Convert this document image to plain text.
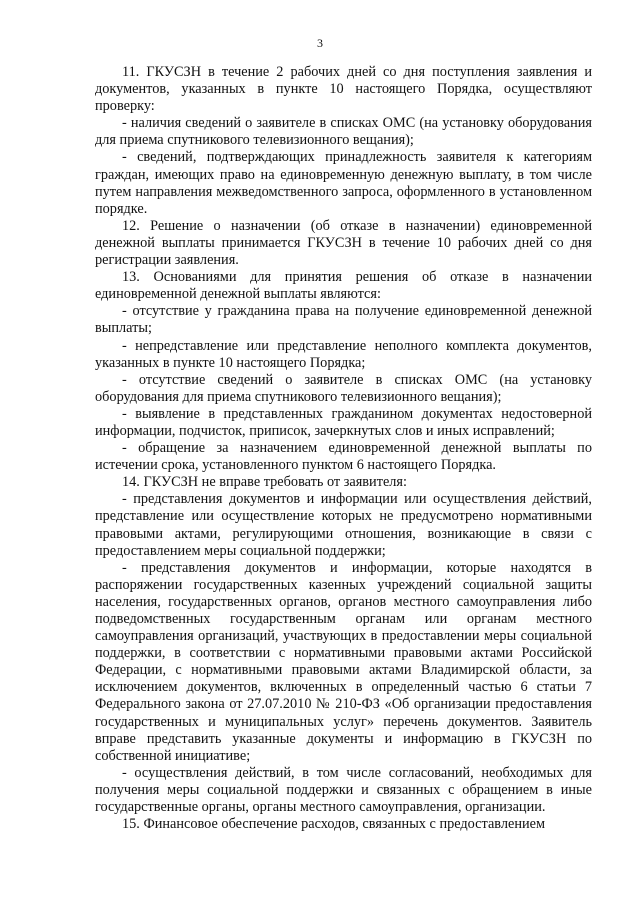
3

11. ГКУСЗН в течение 2 рабочих дней со дня поступления заявления и документов, указанных в пункте 10 настоящего Порядка, осуществляют проверку:

- наличия сведений о заявителе в списках ОМС (на установку оборудования для приема спутникового телевизионного вещания);

- сведений, подтверждающих принадлежность заявителя к категориям граждан, имеющих право на единовременную денежную выплату, в том числе путем направления межведомственного запроса, оформленного в установленном порядке.

12. Решение о назначении (об отказе в назначении) единовременной денежной выплаты принимается ГКУСЗН в течение 10 рабочих дней со дня регистрации заявления.

13. Основаниями для принятия решения об отказе в назначении единовременной денежной выплаты являются:

- отсутствие у гражданина права на получение единовременной денежной выплаты;

- непредставление или представление неполного комплекта документов, указанных в пункте 10 настоящего Порядка;

- отсутствие сведений о заявителе в списках ОМС (на установку оборудования для приема спутникового телевизионного вещания);

- выявление в представленных гражданином документах недостоверной информации, подчисток, приписок, зачеркнутых слов и иных исправлений;

- обращение за назначением единовременной денежной выплаты по истечении срока, установленного пунктом 6 настоящего Порядка.

14. ГКУСЗН не вправе требовать от заявителя:

- представления документов и информации или осуществления действий, представление или осуществление которых не предусмотрено нормативными правовыми актами, регулирующими отношения, возникающие в связи с предоставлением меры социальной поддержки;

- представления документов и информации, которые находятся в распоряжении государственных казенных учреждений социальной защиты населения, государственных органов, органов местного самоуправления либо подведомственных государственным органам или органам местного самоуправления организаций, участвующих в предоставлении меры социальной поддержки, в соответствии с нормативными правовыми актами Российской Федерации, с нормативными правовыми актами Владимирской области, за исключением документов, включенных в определенный частью 6 статьи 7 Федерального закона от 27.07.2010 № 210-ФЗ «Об организации предоставления государственных и муниципальных услуг» перечень документов. Заявитель вправе представить указанные документы и информацию в ГКУСЗН по собственной инициативе;

- осуществления действий, в том числе согласований, необходимых для получения меры социальной поддержки и связанных с обращением в иные государственные органы, органы местного самоуправления, организации.

15. Финансовое обеспечение расходов, связанных с предоставлением
